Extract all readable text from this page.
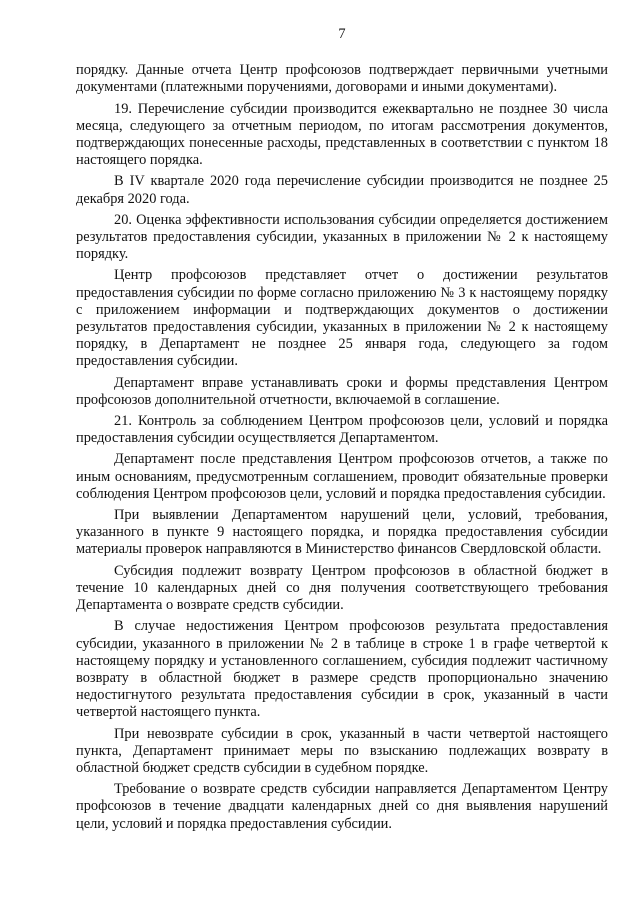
7

порядку. Данные отчета Центр профсоюзов подтверждает первичными учетными документами (платежными поручениями, договорами и иными документами).

19. Перечисление субсидии производится ежеквартально не позднее 30 числа месяца, следующего за отчетным периодом, по итогам рассмотрения документов, подтверждающих понесенные расходы, представленных в соответствии с пунктом 18 настоящего порядка.

В IV квартале 2020 года перечисление субсидии производится не позднее 25 декабря 2020 года.

20. Оценка эффективности использования субсидии определяется достижением результатов предоставления субсидии, указанных в приложении № 2 к настоящему порядку.

Центр профсоюзов представляет отчет о достижении результатов предоставления субсидии по форме согласно приложению № 3 к настоящему порядку с приложением информации и подтверждающих документов о достижении результатов предоставления субсидии, указанных в приложении № 2 к настоящему порядку, в Департамент не позднее 25 января года, следующего за годом предоставления субсидии.

Департамент вправе устанавливать сроки и формы представления Центром профсоюзов дополнительной отчетности, включаемой в соглашение.

21. Контроль за соблюдением Центром профсоюзов цели, условий и порядка предоставления субсидии осуществляется Департаментом.

Департамент после представления Центром профсоюзов отчетов, а также по иным основаниям, предусмотренным соглашением, проводит обязательные проверки соблюдения Центром профсоюзов цели, условий и порядка предоставления субсидии.

При выявлении Департаментом нарушений цели, условий, требования, указанного в пункте 9 настоящего порядка, и порядка предоставления субсидии материалы проверок направляются в Министерство финансов Свердловской области.

Субсидия подлежит возврату Центром профсоюзов в областной бюджет в течение 10 календарных дней со дня получения соответствующего требования Департамента о возврате средств субсидии.

В случае недостижения Центром профсоюзов результата предоставления субсидии, указанного в приложении № 2 в таблице в строке 1 в графе четвертой к настоящему порядку и установленного соглашением, субсидия подлежит частичному возврату в областной бюджет в размере средств пропорционально значению недостигнутого результата предоставления субсидии в срок, указанный в части четвертой настоящего пункта.

При невозврате субсидии в срок, указанный в части четвертой настоящего пункта, Департамент принимает меры по взысканию подлежащих возврату в областной бюджет средств субсидии в судебном порядке.

Требование о возврате средств субсидии направляется Департаментом Центру профсоюзов в течение двадцати календарных дней со дня выявления нарушений цели, условий и порядка предоставления субсидии.
